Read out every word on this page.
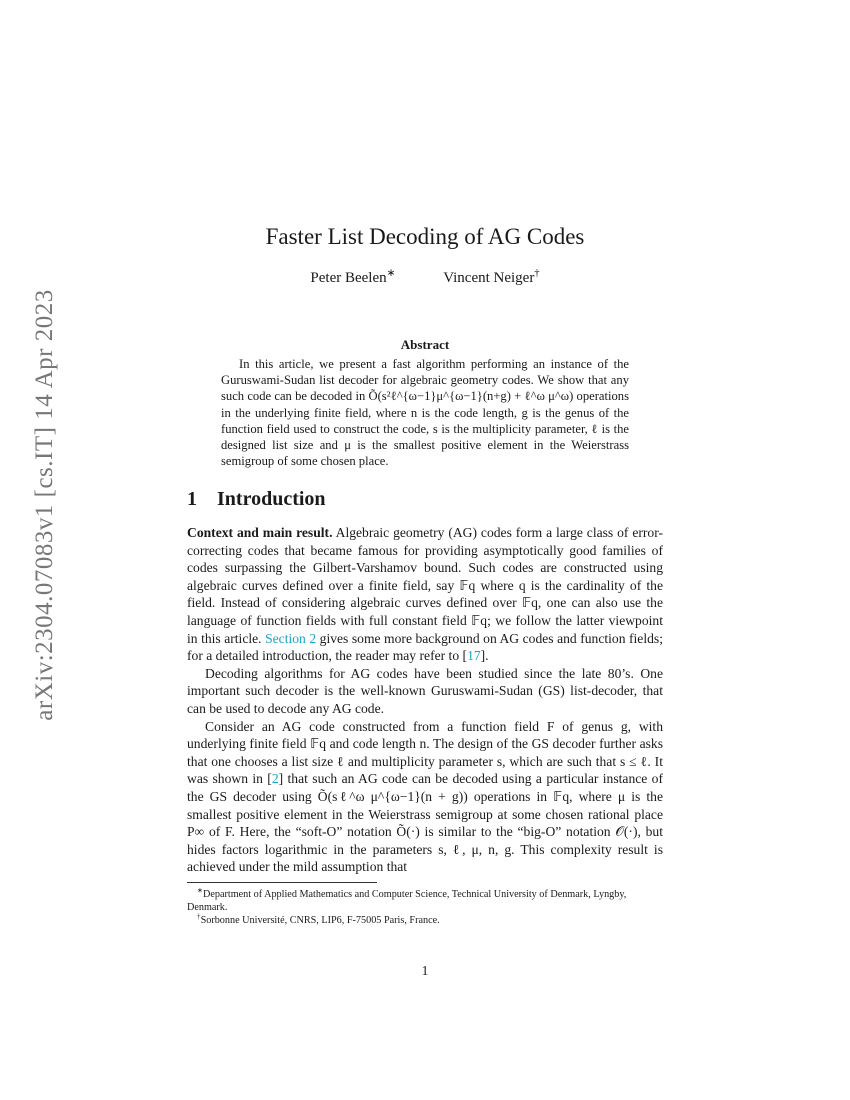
arXiv:2304.07083v1 [cs.IT] 14 Apr 2023
Faster List Decoding of AG Codes
Peter Beelen∗	Vincent Neiger†
Abstract

In this article, we present a fast algorithm performing an instance of the Guruswami-Sudan list decoder for algebraic geometry codes. We show that any such code can be decoded in Õ(s²ℓ^{ω−1}μ^{ω−1}(n+g) + ℓ^ω μ^ω) operations in the underlying finite field, where n is the code length, g is the genus of the function field used to construct the code, s is the multiplicity parameter, ℓ is the designed list size and μ is the smallest positive element in the Weierstrass semigroup of some chosen place.

1 Introduction

Context and main result. Algebraic geometry (AG) codes form a large class of error-correcting codes that became famous for providing asymptotically good families of codes surpassing the Gilbert-Varshamov bound. Such codes are constructed using algebraic curves defined over a finite field, say 𝔽q where q is the cardinality of the field. Instead of considering algebraic curves defined over 𝔽q, one can also use the language of function fields with full constant field 𝔽q; we follow the latter viewpoint in this article. Section 2 gives some more background on AG codes and function fields; for a detailed introduction, the reader may refer to [17].

Decoding algorithms for AG codes have been studied since the late 80’s. One important such decoder is the well-known Guruswami-Sudan (GS) list-decoder, that can be used to decode any AG code.

Consider an AG code constructed from a function field F of genus g, with underlying finite field 𝔽q and code length n. The design of the GS decoder further asks that one chooses a list size ℓ and multiplicity parameter s, which are such that s ≤ ℓ. It was shown in [2] that such an AG code can be decoded using a particular instance of the GS decoder using Õ(sℓ^ω μ^{ω−1}(n + g)) operations in 𝔽q, where μ is the smallest positive element in the Weierstrass semigroup at some chosen rational place P∞ of F. Here, the “soft-O” notation Õ(·) is similar to the “big-O” notation 𝒪(·), but hides factors logarithmic in the parameters s, ℓ, μ, n, g. This complexity result is achieved under the mild assumption that

∗Department of Applied Mathematics and Computer Science, Technical University of Denmark, Lyngby, Denmark.

†Sorbonne Université, CNRS, LIP6, F-75005 Paris, France.

1
